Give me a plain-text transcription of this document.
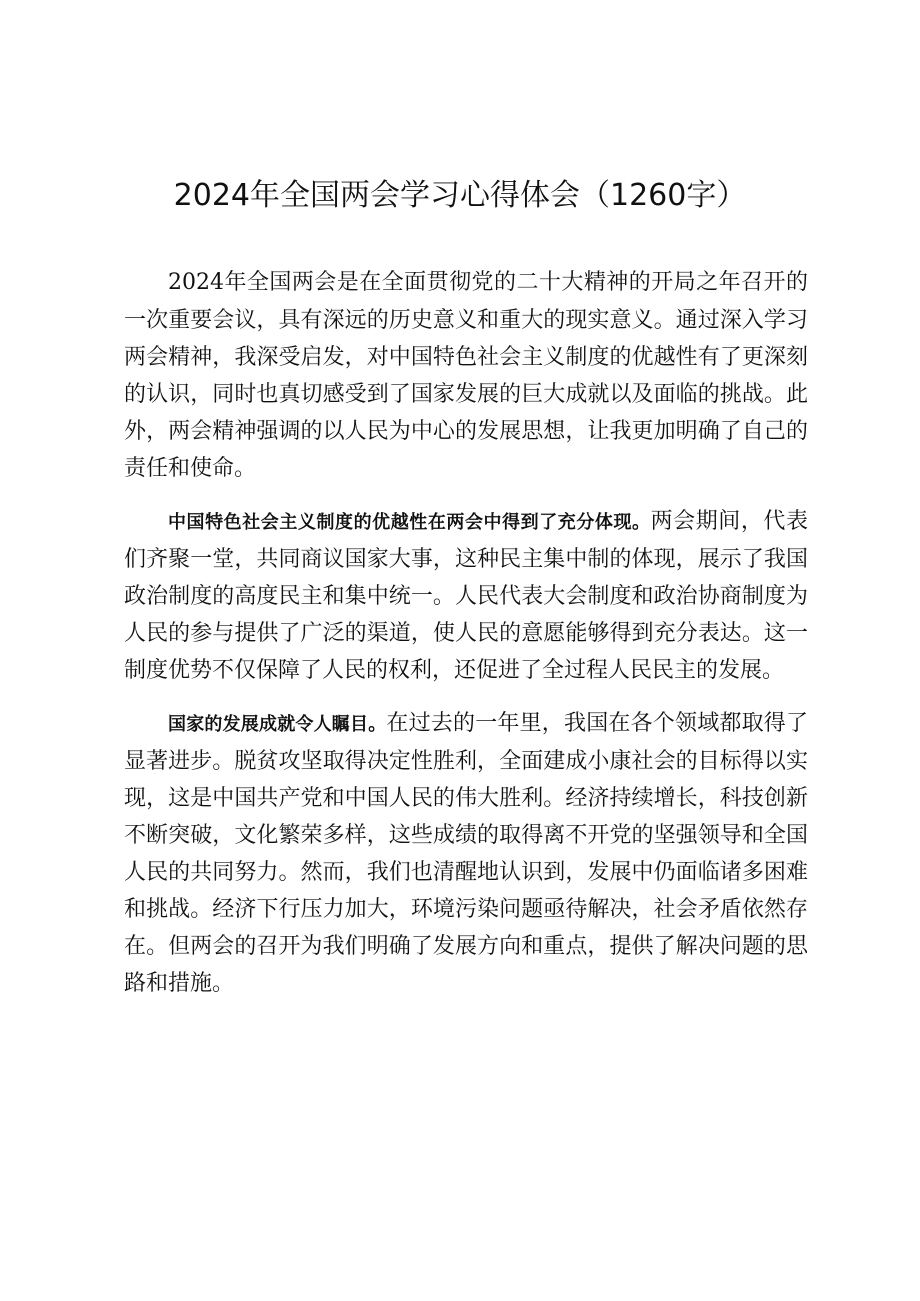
2024年全国两会学习心得体会（1260字）

2024年全国两会是在全面贯彻党的二十大精神的开局之年召开的一次重要会议，具有深远的历史意义和重大的现实意义。通过深入学习两会精神，我深受启发，对中国特色社会主义制度的优越性有了更深刻的认识，同时也真切感受到了国家发展的巨大成就以及面临的挑战。此外，两会精神强调的以人民为中心的发展思想，让我更加明确了自己的责任和使命。

中国特色社会主义制度的优越性在两会中得到了充分体现。两会期间，代表们齐聚一堂，共同商议国家大事，这种民主集中制的体现，展示了我国政治制度的高度民主和集中统一。人民代表大会制度和政治协商制度为人民的参与提供了广泛的渠道，使人民的意愿能够得到充分表达。这一制度优势不仅保障了人民的权利，还促进了全过程人民民主的发展。

国家的发展成就令人瞩目。在过去的一年里，我国在各个领域都取得了显著进步。脱贫攻坚取得决定性胜利，全面建成小康社会的目标得以实现，这是中国共产党和中国人民的伟大胜利。经济持续增长，科技创新不断突破，文化繁荣多样，这些成绩的取得离不开党的坚强领导和全国人民的共同努力。然而，我们也清醒地认识到，发展中仍面临诸多困难和挑战。经济下行压力加大，环境污染问题亟待解决，社会矛盾依然存在。但两会的召开为我们明确了发展方向和重点，提供了解决问题的思路和措施。
